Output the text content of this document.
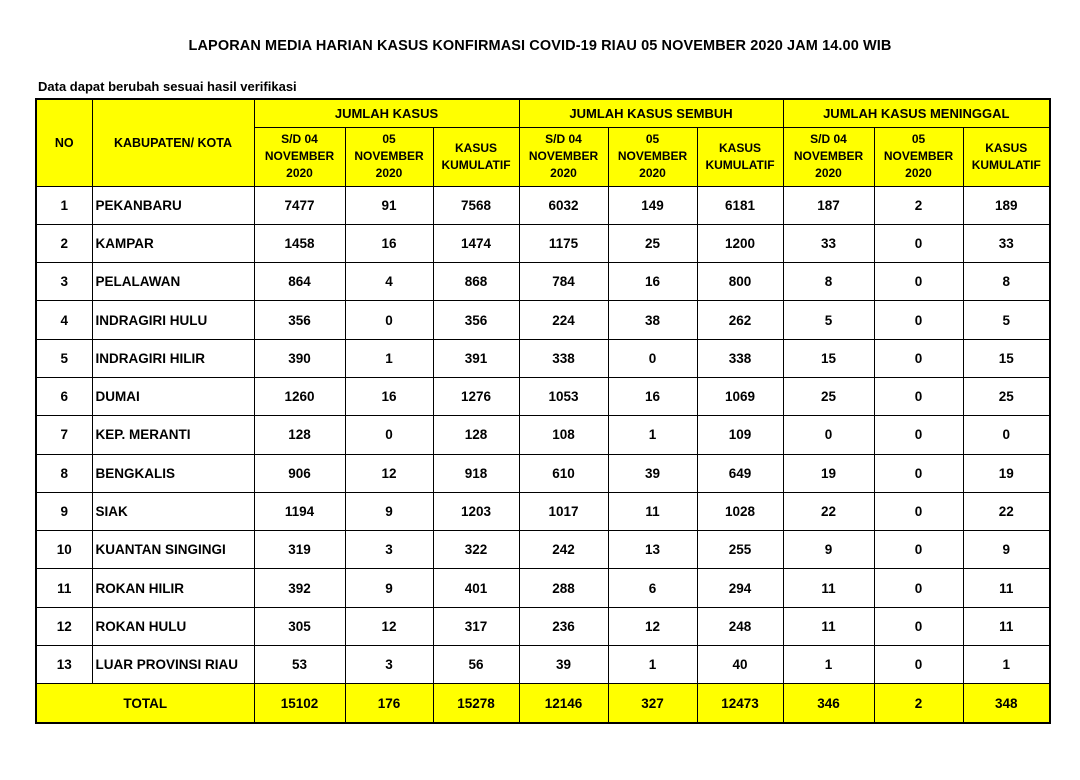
LAPORAN MEDIA HARIAN KASUS KONFIRMASI COVID-19 RIAU 05 NOVEMBER 2020 JAM 14.00 WIB
Data dapat berubah sesuai hasil verifikasi
NO	KABUPATEN/ KOTA	JUMLAH KASUS			JUMLAH KASUS SEMBUH			JUMLAH KASUS MENINGGAL		
		S/D 04
NOVEMBER
2020	05
NOVEMBER
2020	KASUS
KUMULATIF	S/D 04
NOVEMBER
2020	05
NOVEMBER
2020	KASUS
KUMULATIF	S/D 04
NOVEMBER
2020	05
NOVEMBER
2020	KASUS
KUMULATIF
1	PEKANBARU	7477	91	7568	6032	149	6181	187	2	189
2	KAMPAR	1458	16	1474	1175	25	1200	33	0	33
3	PELALAWAN	864	4	868	784	16	800	8	0	8
4	INDRAGIRI HULU	356	0	356	224	38	262	5	0	5
5	INDRAGIRI HILIR	390	1	391	338	0	338	15	0	15
6	DUMAI	1260	16	1276	1053	16	1069	25	0	25
7	KEP. MERANTI	128	0	128	108	1	109	0	0	0
8	BENGKALIS	906	12	918	610	39	649	19	0	19
9	SIAK	1194	9	1203	1017	11	1028	22	0	22
10	KUANTAN SINGINGI	319	3	322	242	13	255	9	0	9
11	ROKAN HILIR	392	9	401	288	6	294	11	0	11
12	ROKAN HULU	305	12	317	236	12	248	11	0	11
13	LUAR PROVINSI RIAU	53	3	56	39	1	40	1	0	1
TOTAL		15102	176	15278	12146	327	12473	346	2	348
